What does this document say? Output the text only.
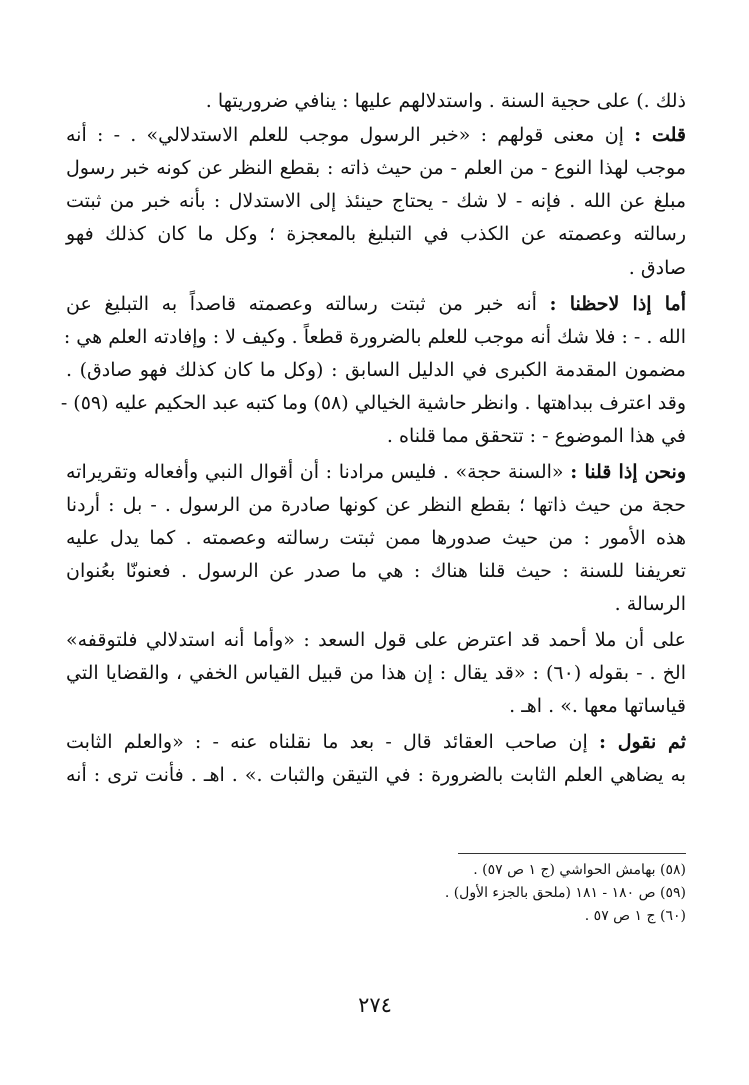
ذلك .) على حجية السنة . واستدلالهم عليها : ينافي ضروريتها .
قلت : إن معنى قولهم : «خبر الرسول موجب للعلم الاستدلالي» . - : أنه
موجب لهذا النوع - من العلم - من حيث ذاته : بقطع النظر عن كونه خبر رسول
مبلغ عن الله . فإنه - لا شك - يحتاج حينئذ إلى الاستدلال : بأنه خبر من ثبتت
رسالته وعصمته عن الكذب في التبليغ بالمعجزة ؛ وكل ما كان كذلك فهو
صادق .
أما إذا لاحظنا : أنه خبر من ثبتت رسالته وعصمته قاصداً به التبليغ عن
الله . - : فلا شك أنه موجب للعلم بالضرورة قطعاً . وكيف لا : وإفادته العلم هي :
مضمون المقدمة الكبرى في الدليل السابق : (وكل ما كان كذلك فهو صادق) .
وقد اعترف ببداهتها . وانظر حاشية الخيالي (٥٨) وما كتبه عبد الحكيم عليه (٥٩) -
في هذا الموضوع - : تتحقق مما قلناه .
ونحن إذا قلنا : «السنة حجة» . فليس مرادنا : أن أقوال النبي وأفعاله وتقريراته
حجة من حيث ذاتها ؛ بقطع النظر عن كونها صادرة من الرسول . - بل : أردنا
هذه الأمور : من حيث صدورها ممن ثبتت رسالته وعصمته . كما يدل عليه
تعريفنا للسنة : حيث قلنا هناك : هي ما صدر عن الرسول . فعنونّا بعُنوان
الرسالة .
على أن ملا أحمد قد اعترض على قول السعد : «وأما أنه استدلالي فلتوقفه»
الخ . - بقوله (٦٠) : «قد يقال : إن هذا من قبيل القياس الخفي ، والقضايا التي
قياساتها معها .» . اهـ .
ثم نقول : إن صاحب العقائد قال - بعد ما نقلناه عنه - : «والعلم الثابت
به يضاهي العلم الثابت بالضرورة : في التيقن والثبات .» . اهـ . فأنت ترى : أنه
(٥٨) بهامش الحواشي (ج ١ ص ٥٧) .
(٥٩) ص ١٨٠ - ١٨١ (ملحق بالجزء الأول) .
(٦٠) ج ١ ص ٥٧ .
٢٧٤
